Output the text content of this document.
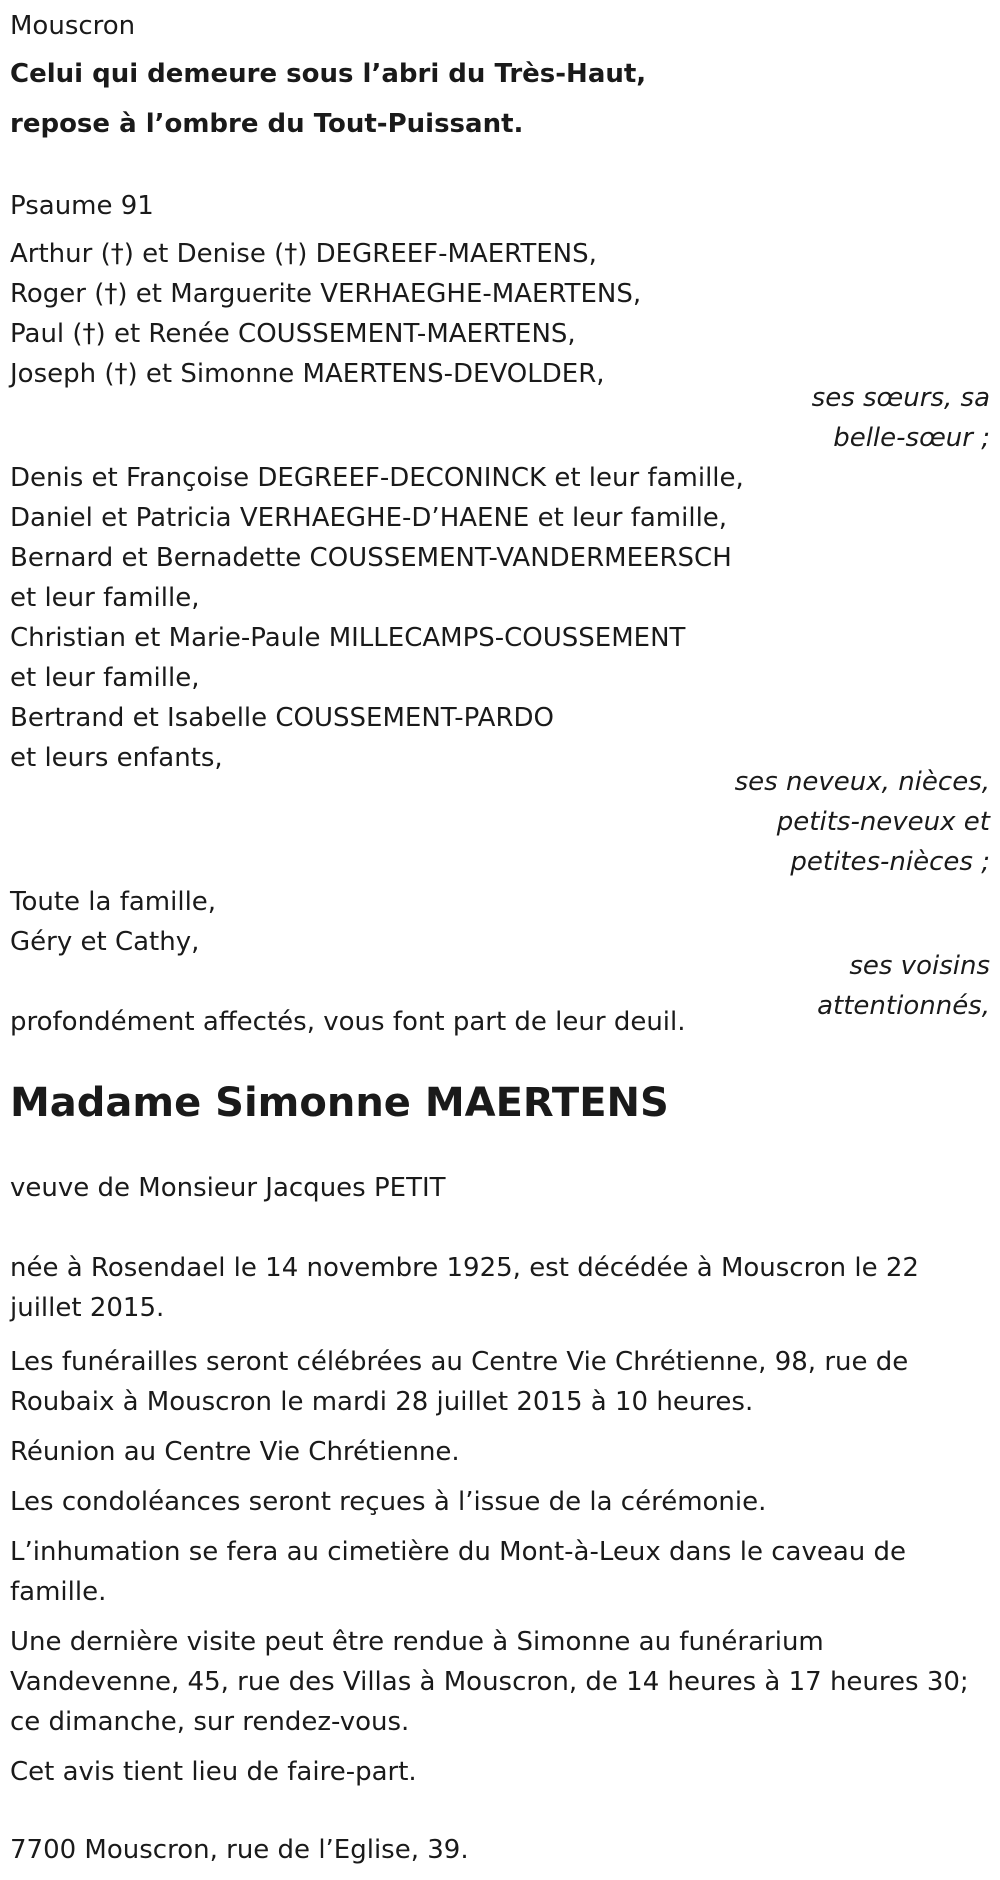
Mouscron
Celui qui demeure sous l’abri du Très-Haut,
repose à l’ombre du Tout-Puissant.
Psaume 91
Arthur (†) et Denise (†) DEGREEF-MAERTENS,
Roger (†) et Marguerite VERHAEGHE-MAERTENS,
Paul (†) et Renée COUSSEMENT-MAERTENS,
Joseph (†) et Simonne MAERTENS-DEVOLDER,
ses sœurs, sa
belle-sœur ;
Denis et Françoise DEGREEF-DECONINCK et leur famille,
Daniel et Patricia VERHAEGHE-D’HAENE et leur famille,
Bernard et Bernadette COUSSEMENT-VANDERMEERSCH
et leur famille,
Christian et Marie-Paule MILLECAMPS-COUSSEMENT
et leur famille,
Bertrand et Isabelle COUSSEMENT-PARDO
et leurs enfants,
ses neveux, nièces,
petits-neveux et
petites-nièces ;
Toute la famille,
Géry et Cathy,
ses voisins
attentionnés,
profondément affectés, vous font part de leur deuil.
Madame Simonne MAERTENS
veuve de Monsieur Jacques PETIT
née à Rosendael le 14 novembre 1925, est décédée à Mouscron le 22 juillet 2015.
Les funérailles seront célébrées au Centre Vie Chrétienne, 98, rue de Roubaix à Mouscron le mardi 28 juillet 2015 à 10 heures.
Réunion au Centre Vie Chrétienne.
Les condoléances seront reçues à l’issue de la cérémonie.
L’inhumation se fera au cimetière du Mont-à-Leux dans le caveau de famille.
Une dernière visite peut être rendue à Simonne au funérarium Vandevenne, 45, rue des Villas à Mouscron, de 14 heures à 17 heures 30; ce dimanche, sur rendez-vous.
Cet avis tient lieu de faire-part.
7700 Mouscron, rue de l’Eglise, 39.
